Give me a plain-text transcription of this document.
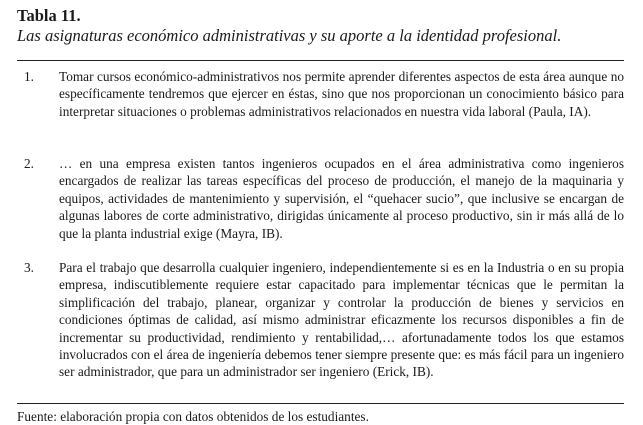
Tabla 11.

Las asignaturas económico administrativas y su aporte a la identidad profesional.

1. Tomar cursos económico-administrativos nos permite aprender diferentes aspectos de esta área aunque no específicamente tendremos que ejercer en éstas, sino que nos proporcionan un conocimiento básico para interpretar situaciones o problemas administrativos relacionados en nuestra vida laboral (Paula, IA).
2. … en una empresa existen tantos ingenieros ocupados en el área administrativa como ingenieros encargados de realizar las tareas específicas del proceso de producción, el manejo de la maquinaria y equipos, actividades de mantenimiento y supervisión, el “quehacer sucio”, que inclusive se encargan de algunas labores de corte administrativo, dirigidas únicamente al proceso productivo, sin ir más allá de lo que la planta industrial exige (Mayra, IB).
3. Para el trabajo que desarrolla cualquier ingeniero, independientemente si es en la Industria o en su propia empresa, indiscutiblemente requiere estar capacitado para implementar técnicas que le permitan la simplificación del trabajo, planear, organizar y controlar la producción de bienes y servicios en condiciones óptimas de calidad, así mismo administrar eficazmente los recursos disponibles a fin de incrementar su productividad, rendimiento y rentabilidad,… afortunadamente todos los que estamos involucrados con el área de ingeniería debemos tener siempre presente que: es más fácil para un ingeniero ser administrador, que para un administrador ser ingeniero (Erick, IB).
Fuente: elaboración propia con datos obtenidos de los estudiantes.
